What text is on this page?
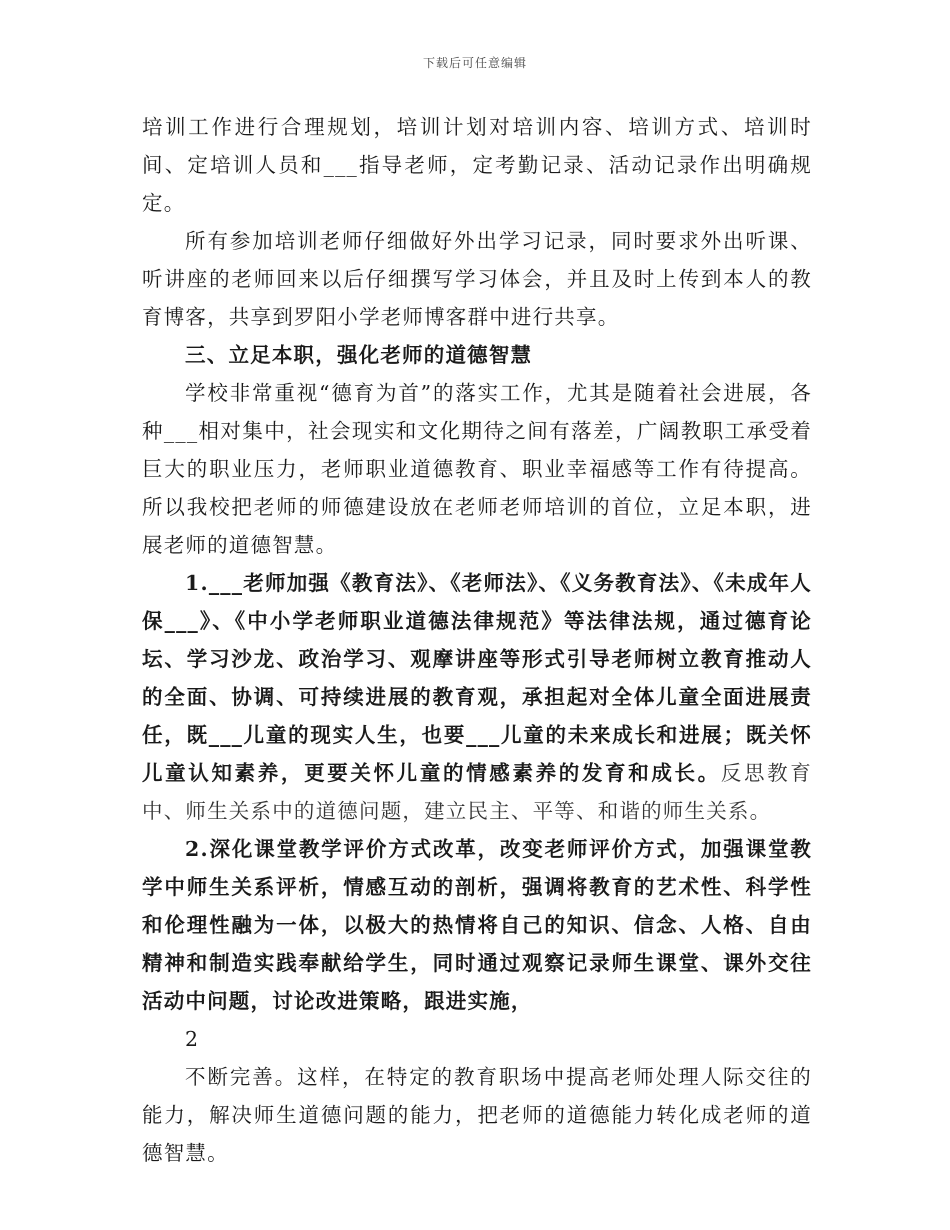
下载后可任意编辑

培训工作进行合理规划，培训计划对培训内容、培训方式、培训时间、定培训人员和___指导老师，定考勤记录、活动记录作出明确规定。

所有参加培训老师仔细做好外出学习记录，同时要求外出听课、听讲座的老师回来以后仔细撰写学习体会，并且及时上传到本人的教育博客，共享到罗阳小学老师博客群中进行共享。

三、立足本职，强化老师的道德智慧

学校非常重视“德育为首”的落实工作，尤其是随着社会进展，各种___相对集中，社会现实和文化期待之间有落差，广阔教职工承受着巨大的职业压力，老师职业道德教育、职业幸福感等工作有待提高。所以我校把老师的师德建设放在老师老师培训的首位，立足本职，进展老师的道德智慧。

1.___老师加强《教育法》、《老师法》、《义务教育法》、《未成年人保___》、《中小学老师职业道德法律规范》等法律法规，通过德育论坛、学习沙龙、政治学习、观摩讲座等形式引导老师树立教育推动人的全面、协调、可持续进展的教育观，承担起对全体儿童全面进展责任，既___儿童的现实人生，也要___儿童的未来成长和进展；既关怀儿童认知素养，更要关怀儿童的情感素养的发育和成长。反思教育中、师生关系中的道德问题，建立民主、平等、和谐的师生关系。

2.深化课堂教学评价方式改革，改变老师评价方式，加强课堂教学中师生关系评析，情感互动的剖析，强调将教育的艺术性、科学性和伦理性融为一体，以极大的热情将自己的知识、信念、人格、自由精神和制造实践奉献给学生，同时通过观察记录师生课堂、课外交往活动中问题，讨论改进策略，跟进实施，

2

不断完善。这样，在特定的教育职场中提高老师处理人际交往的能力，解决师生道德问题的能力，把老师的道德能力转化成老师的道德智慧。
